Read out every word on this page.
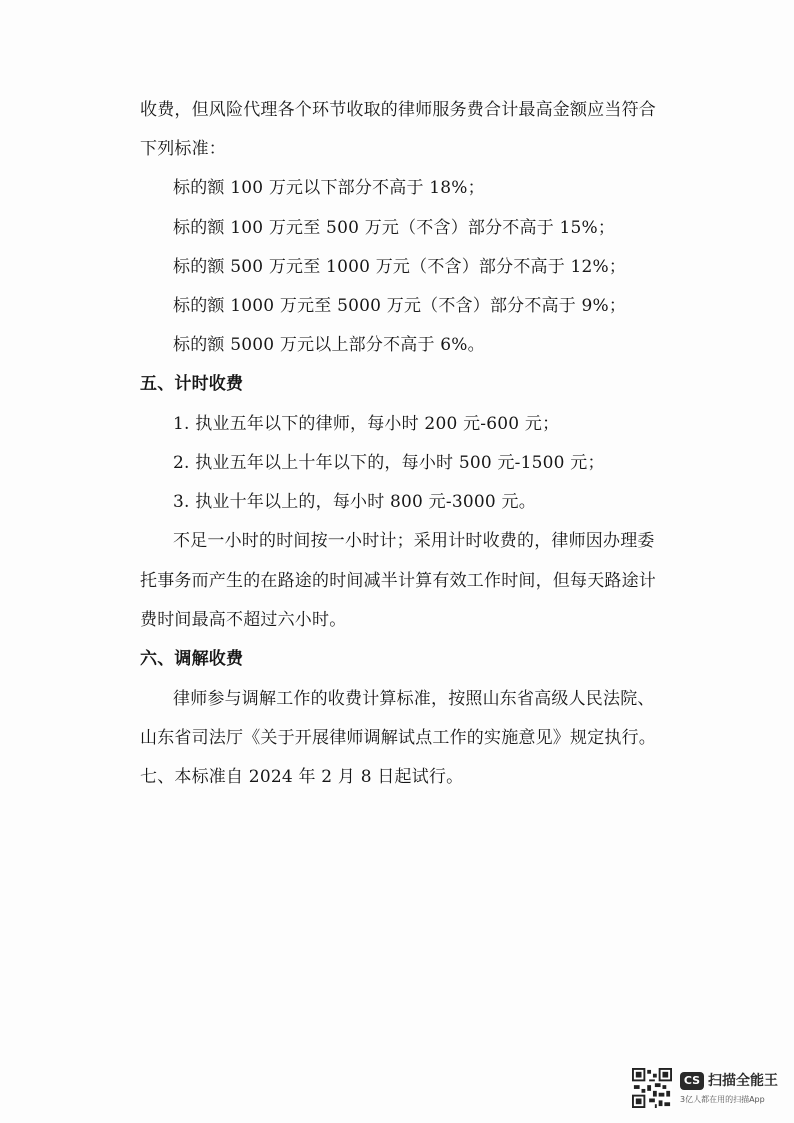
收费，但风险代理各个环节收取的律师服务费合计最高金额应当符合
下列标准：
标的额 100 万元以下部分不高于 18%；
标的额 100 万元至 500 万元（不含）部分不高于 15%；
标的额 500 万元至 1000 万元（不含）部分不高于 12%；
标的额 1000 万元至 5000 万元（不含）部分不高于 9%；
标的额 5000 万元以上部分不高于 6%。
五、计时收费
1. 执业五年以下的律师，每小时 200 元-600 元；
2. 执业五年以上十年以下的，每小时 500 元-1500 元；
3. 执业十年以上的，每小时 800 元-3000 元。
不足一小时的时间按一小时计；采用计时收费的，律师因办理委
托事务而产生的在路途的时间减半计算有效工作时间，但每天路途计
费时间最高不超过六小时。
六、调解收费
律师参与调解工作的收费计算标准，按照山东省高级人民法院、
山东省司法厅《关于开展律师调解试点工作的实施意见》规定执行。
七、本标准自 2024 年 2 月 8 日起试行。
CS 扫描全能王
3亿人都在用的扫描App
